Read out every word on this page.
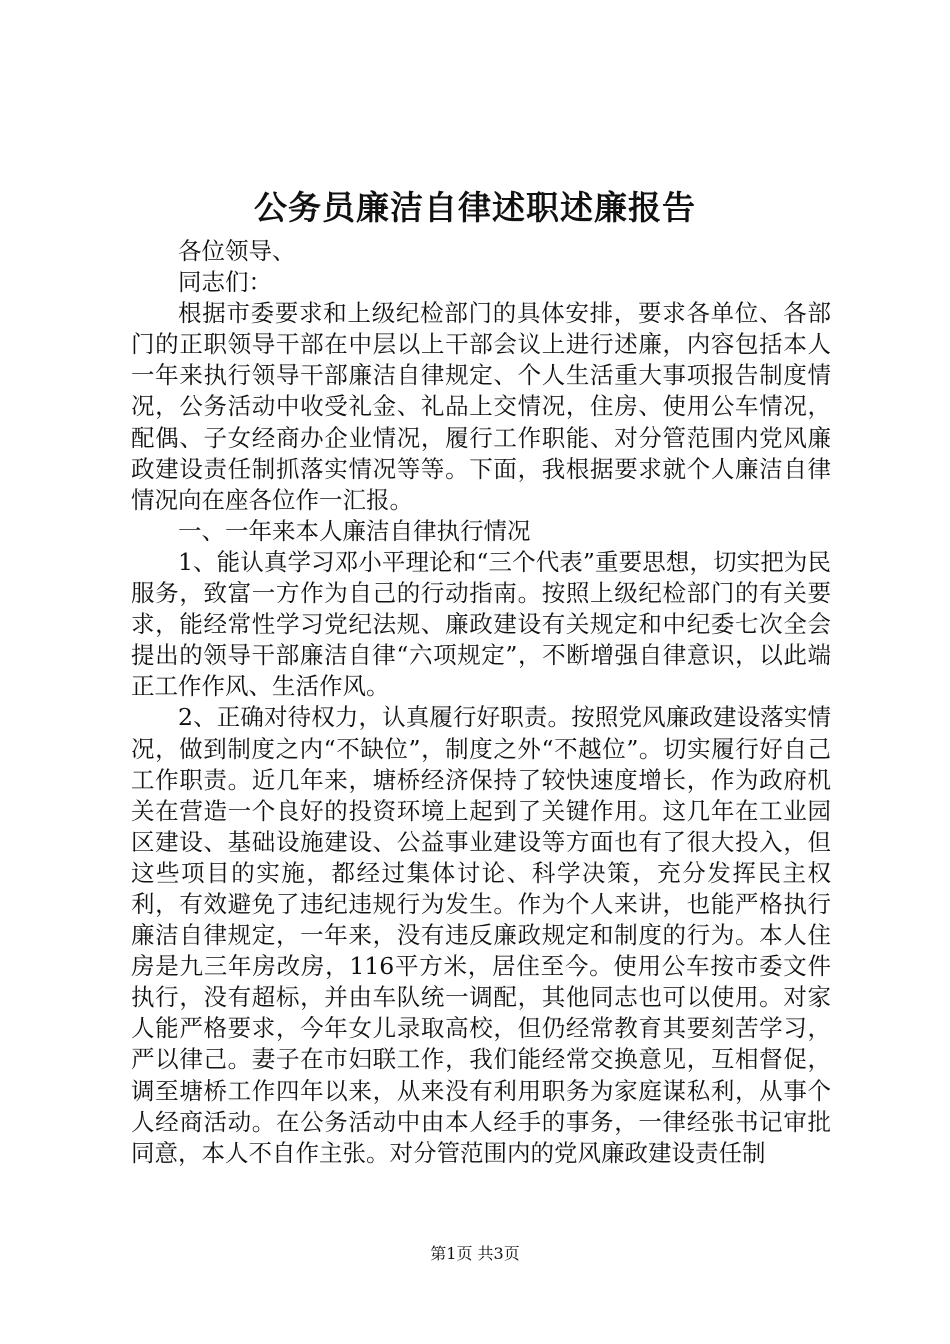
公务员廉洁自律述职述廉报告

各位领导、

同志们：

根据市委要求和上级纪检部门的具体安排，要求各单位、各部门的正职领导干部在中层以上干部会议上进行述廉，内容包括本人一年来执行领导干部廉洁自律规定、个人生活重大事项报告制度情况，公务活动中收受礼金、礼品上交情况，住房、使用公车情况，配偶、子女经商办企业情况，履行工作职能、对分管范围内党风廉政建设责任制抓落实情况等等。下面，我根据要求就个人廉洁自律情况向在座各位作一汇报。

一、一年来本人廉洁自律执行情况

1、能认真学习邓小平理论和“三个代表”重要思想，切实把为民服务，致富一方作为自己的行动指南。按照上级纪检部门的有关要求，能经常性学习党纪法规、廉政建设有关规定和中纪委七次全会提出的领导干部廉洁自律“六项规定”，不断增强自律意识，以此端正工作作风、生活作风。

2、正确对待权力，认真履行好职责。按照党风廉政建设落实情况，做到制度之内“不缺位”，制度之外“不越位”。切实履行好自己工作职责。近几年来，塘桥经济保持了较快速度增长，作为政府机关在营造一个良好的投资环境上起到了关键作用。这几年在工业园区建设、基础设施建设、公益事业建设等方面也有了很大投入，但这些项目的实施，都经过集体讨论、科学决策，充分发挥民主权利，有效避免了违纪违规行为发生。作为个人来讲，也能严格执行廉洁自律规定，一年来，没有违反廉政规定和制度的行为。本人住房是九三年房改房，116平方米，居住至今。使用公车按市委文件执行，没有超标，并由车队统一调配，其他同志也可以使用。对家人能严格要求，今年女儿录取高校，但仍经常教育其要刻苦学习，严以律己。妻子在市妇联工作，我们能经常交换意见，互相督促，调至塘桥工作四年以来，从来没有利用职务为家庭谋私利，从事个人经商活动。在公务活动中由本人经手的事务，一律经张书记审批同意，本人不自作主张。对分管范围内的党风廉政建设责任制

第1页 共3页
